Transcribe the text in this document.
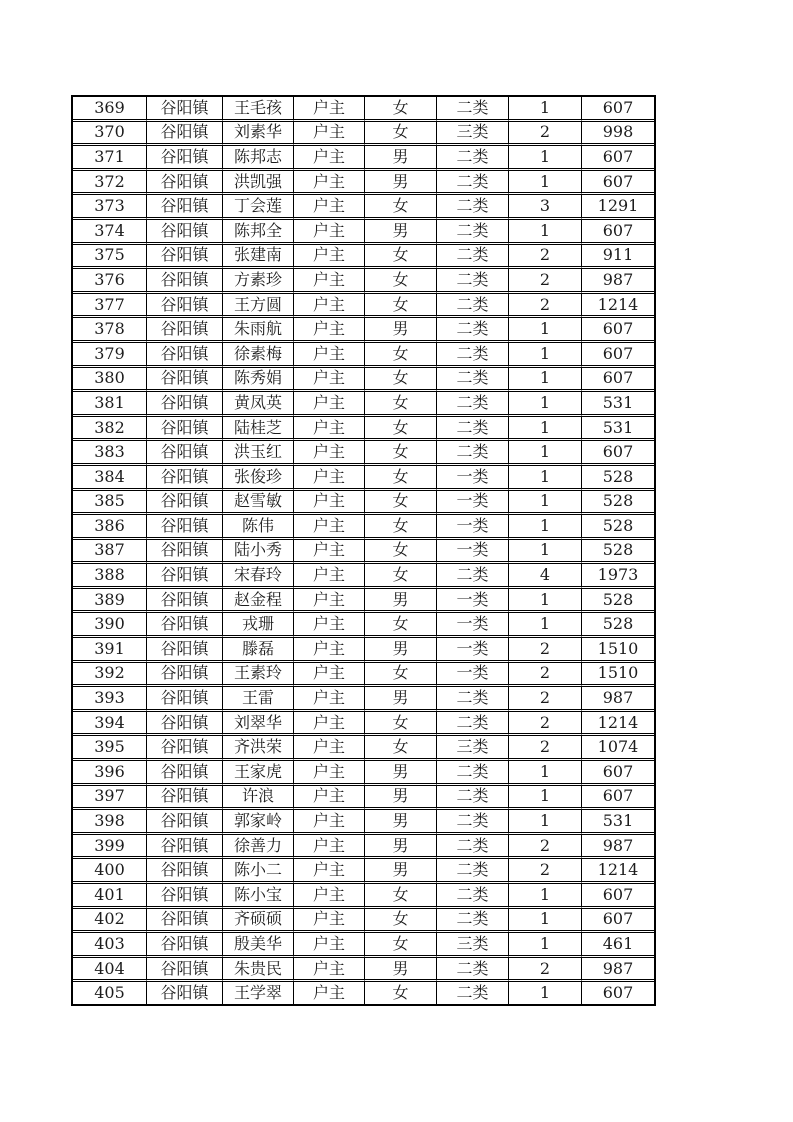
369	谷阳镇	王毛孩	户主	女	二类	1	607
370	谷阳镇	刘素华	户主	女	三类	2	998
371	谷阳镇	陈邦志	户主	男	二类	1	607
372	谷阳镇	洪凯强	户主	男	二类	1	607
373	谷阳镇	丁会莲	户主	女	二类	3	1291
374	谷阳镇	陈邦全	户主	男	二类	1	607
375	谷阳镇	张建南	户主	女	二类	2	911
376	谷阳镇	方素珍	户主	女	二类	2	987
377	谷阳镇	王方圆	户主	女	二类	2	1214
378	谷阳镇	朱雨航	户主	男	二类	1	607
379	谷阳镇	徐素梅	户主	女	二类	1	607
380	谷阳镇	陈秀娟	户主	女	二类	1	607
381	谷阳镇	黄凤英	户主	女	二类	1	531
382	谷阳镇	陆桂芝	户主	女	二类	1	531
383	谷阳镇	洪玉红	户主	女	二类	1	607
384	谷阳镇	张俊珍	户主	女	一类	1	528
385	谷阳镇	赵雪敏	户主	女	一类	1	528
386	谷阳镇	陈伟	户主	女	一类	1	528
387	谷阳镇	陆小秀	户主	女	一类	1	528
388	谷阳镇	宋春玲	户主	女	二类	4	1973
389	谷阳镇	赵金程	户主	男	一类	1	528
390	谷阳镇	戎珊	户主	女	一类	1	528
391	谷阳镇	滕磊	户主	男	一类	2	1510
392	谷阳镇	王素玲	户主	女	一类	2	1510
393	谷阳镇	王雷	户主	男	二类	2	987
394	谷阳镇	刘翠华	户主	女	二类	2	1214
395	谷阳镇	齐洪荣	户主	女	三类	2	1074
396	谷阳镇	王家虎	户主	男	二类	1	607
397	谷阳镇	许浪	户主	男	二类	1	607
398	谷阳镇	郭家岭	户主	男	二类	1	531
399	谷阳镇	徐善力	户主	男	二类	2	987
400	谷阳镇	陈小二	户主	男	二类	2	1214
401	谷阳镇	陈小宝	户主	女	二类	1	607
402	谷阳镇	齐硕硕	户主	女	二类	1	607
403	谷阳镇	殷美华	户主	女	三类	1	461
404	谷阳镇	朱贵民	户主	男	二类	2	987
405	谷阳镇	王学翠	户主	女	二类	1	607
